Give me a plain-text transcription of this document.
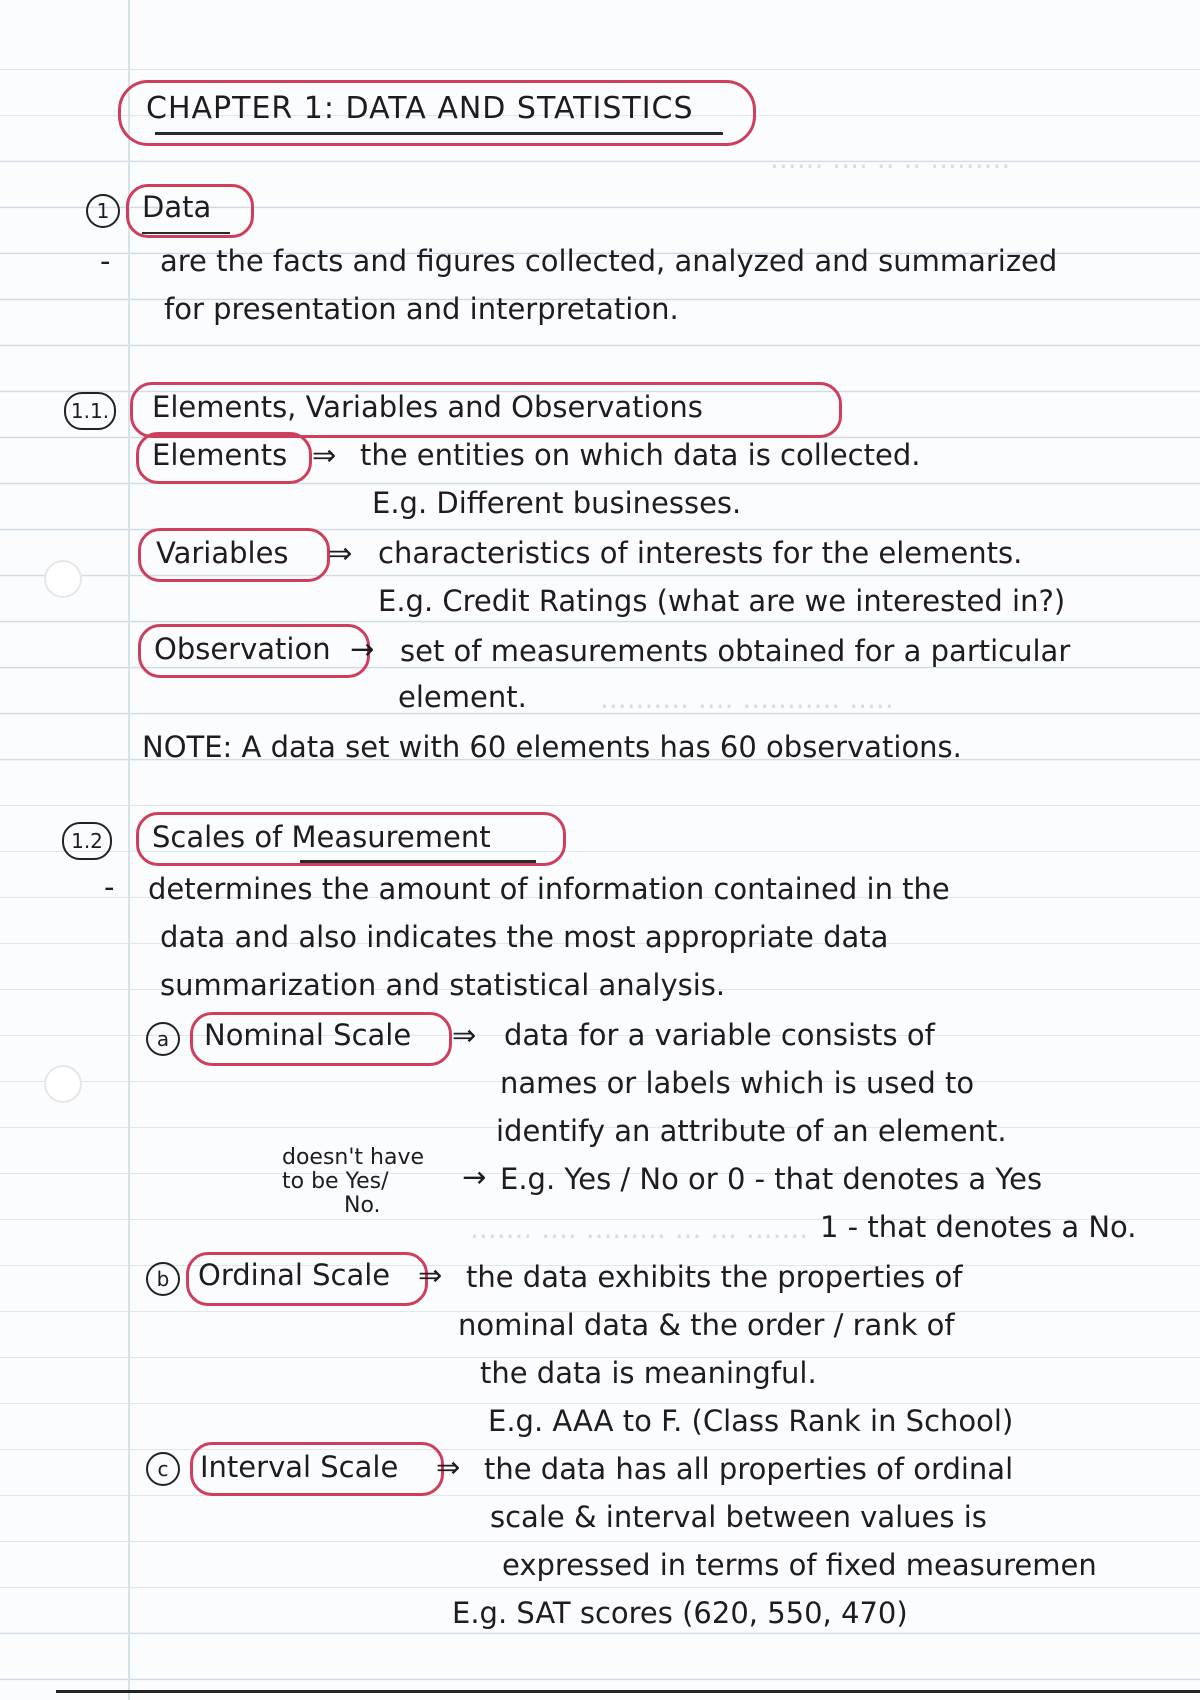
······ ···· ·· ·· ·········
·········· ···· ··········· ·····
······· ···· ········· ··· ··· ·······
CHAPTER 1: DATA AND STATISTICS
1	Data
- are the facts and figures collected, analyzed and summarized
for presentation and interpretation.
1.1. Elements, Variables and Observations
Elements ⇒ the entities on which data is collected.
E.g. Different businesses.
Variables ⇒ characteristics of interests for the elements.
E.g. Credit Ratings (what are we interested in?)
Observation → set of measurements obtained for a particular
element.
NOTE: A data set with 60 elements has 60 observations.
1.2	Scales of Measurement
- determines the amount of information contained in the
data and also indicates the most appropriate data
summarization and statistical analysis.
a	Nominal Scale ⇒ data for a variable consists of
names or labels which is used to
identify an attribute of an element.
doesn't have
to be Yes/
No.
→ E.g. Yes / No or 0 - that denotes a Yes
1 - that denotes a No.
b Ordinal Scale ⇒ the data exhibits the properties of
nominal data & the order / rank of
the data is meaningful.
E.g. AAA to F. (Class Rank in School)
c	Interval Scale ⇒ the data has all properties of ordinal
scale & interval between values is
expressed in terms of fixed measuremen
E.g. SAT scores (620, 550, 470)
